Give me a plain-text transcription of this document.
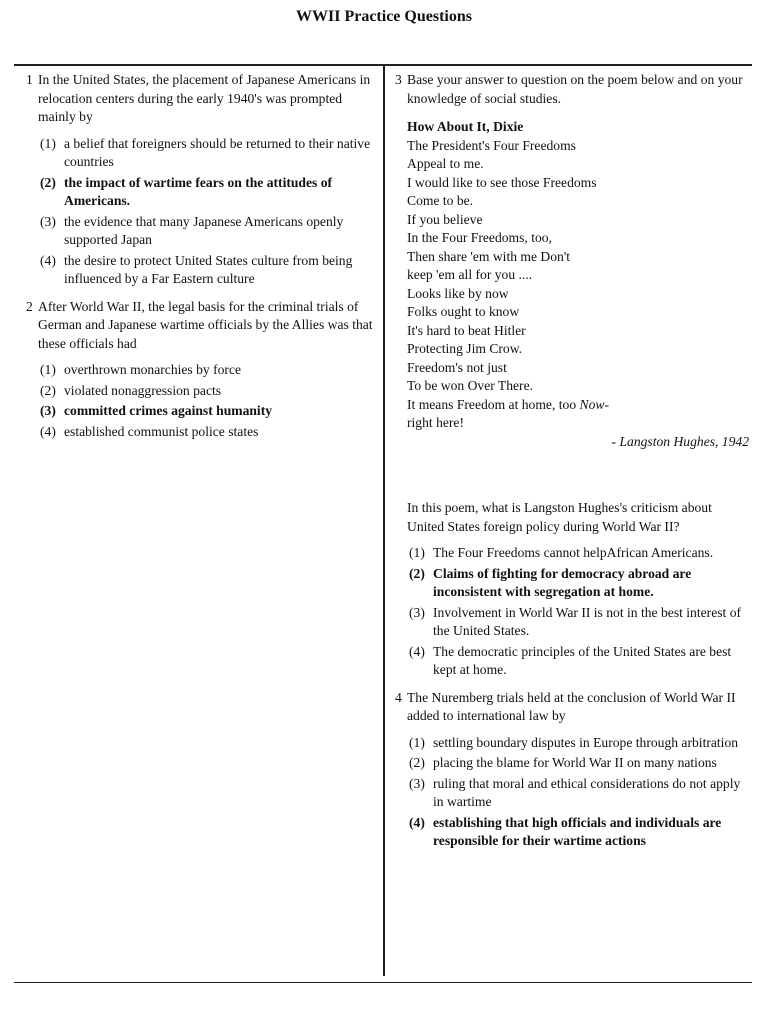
WWII Practice Questions
1 In the United States, the placement of Japanese Americans in relocation centers during the early 1940's was prompted mainly by
(1) a belief that foreigners should be returned to their native countries
(2) the impact of wartime fears on the attitudes of Americans.
(3) the evidence that many Japanese Americans openly supported Japan
(4) the desire to protect United States culture from being influenced by a Far Eastern culture
2 After World War II, the legal basis for the criminal trials of German and Japanese wartime officials by the Allies was that these officials had
(1) overthrown monarchies by force
(2) violated nonaggression pacts
(3) committed crimes against humanity
(4) established communist police states
3 Base your answer to question on the poem below and on your knowledge of social studies.
How About It, Dixie
The President's Four Freedoms
Appeal to me.
I would like to see those Freedoms
Come to be.
If you believe
In the Four Freedoms, too,
Then share 'em with me Don't
keep 'em all for you ....
Looks like by now
Folks ought to know
It's hard to beat Hitler
Protecting Jim Crow.
Freedom's not just
To be won Over There.
It means Freedom at home, too Now-
right here!
- Langston Hughes, 1942
In this poem, what is Langston Hughes's criticism about United States foreign policy during World War II?
(1) The Four Freedoms cannot helpAfrican Americans.
(2) Claims of fighting for democracy abroad are inconsistent with segregation at home.
(3) Involvement in World War II is not in the best interest of the United States.
(4) The democratic principles of the United States are best kept at home.
4 The Nuremberg trials held at the conclusion of World War II added to international law by
(1) settling boundary disputes in Europe through arbitration
(2) placing the blame for World War II on many nations
(3) ruling that moral and ethical considerations do not apply in wartime
(4) establishing that high officials and individuals are responsible for their wartime actions
